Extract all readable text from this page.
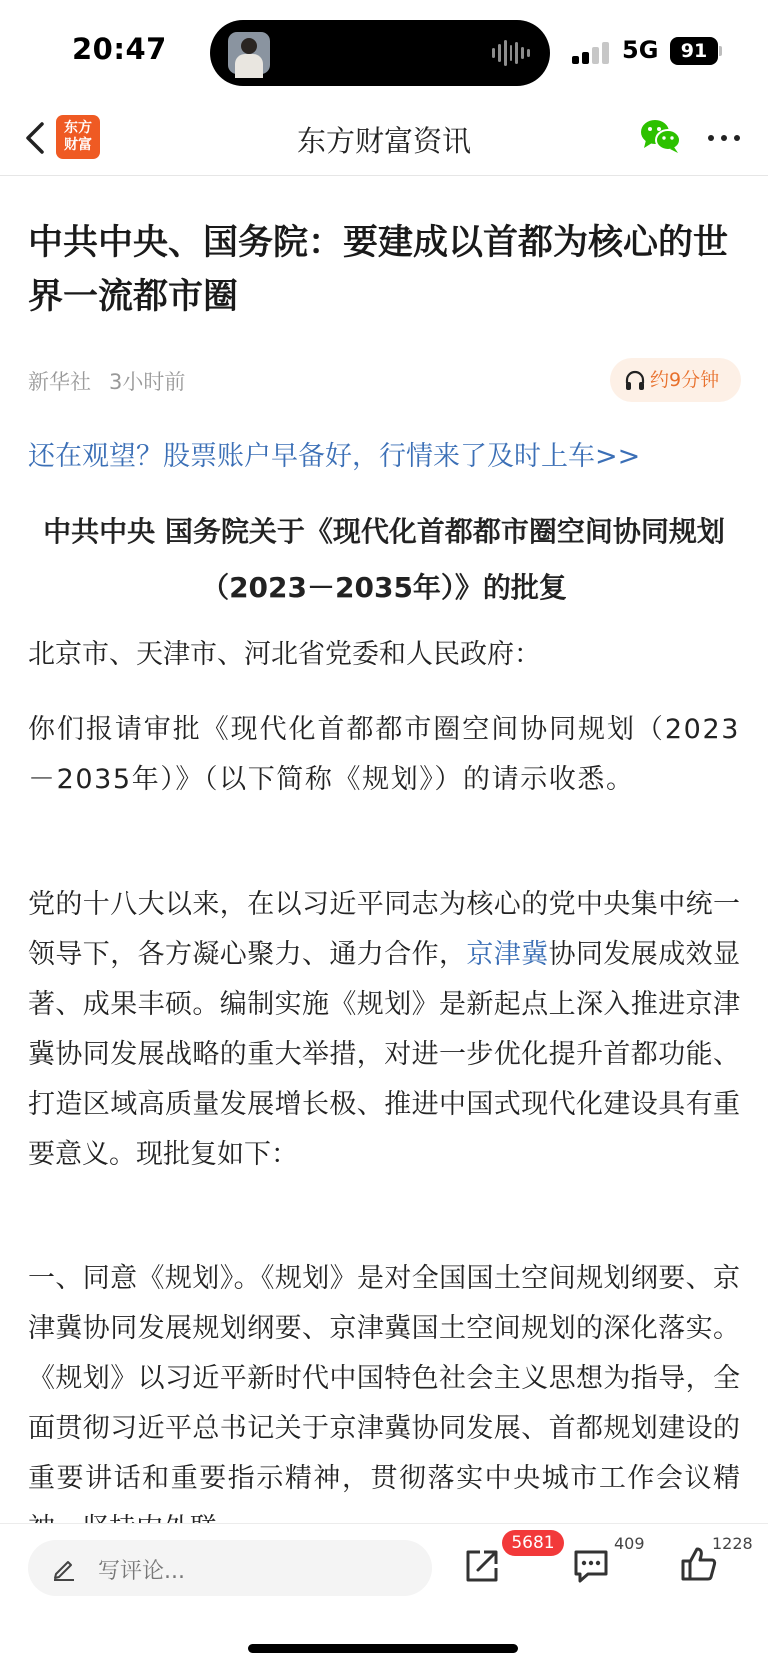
20:47	5G	91
东方
财富	东方财富资讯
中共中央、国务院：要建成以首都为核心的世界一流都市圈
新华社 3小时前	约9分钟
还在观望？股票账户早备好，行情来了及时上车>>
中共中央 国务院关于《现代化首都都市圈空间协同规划（2023－2035年）》的批复
北京市、天津市、河北省党委和人民政府：
你们报请审批《现代化首都都市圈空间协同规划（2023－2035年）》（以下简称《规划》）的请示收悉。
党的十八大以来，在以习近平同志为核心的党中央集中统一领导下，各方凝心聚力、通力合作，京津冀协同发展成效显著、成果丰硕。编制实施《规划》是新起点上深入推进京津冀协同发展战略的重大举措，对进一步优化提升首都功能、打造区域高质量发展增长极、推进中国式现代化建设具有重要意义。现批复如下：
一、同意《规划》。《规划》是对全国国土空间规划纲要、京津冀协同发展规划纲要、京津冀国土空间规划的深化落实。《规划》以习近平新时代中国特色社会主义思想为指导，全面贯彻习近平总书记关于京津冀协同发展、首都规划建设的重要讲话和重要指示精神，贯彻落实中央城市工作会议精
写评论...
5681	409	1228
